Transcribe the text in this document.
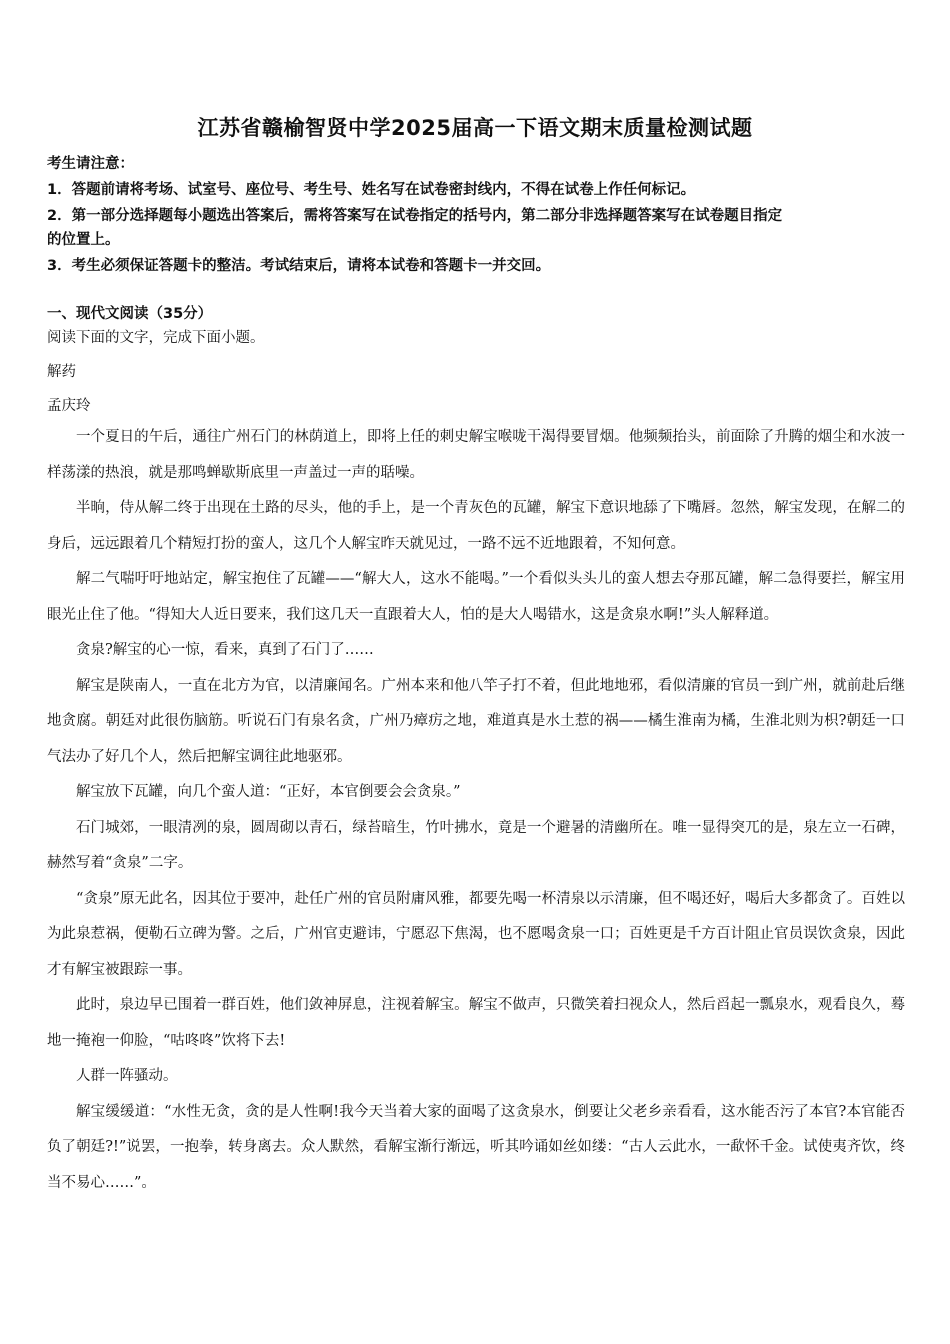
江苏省赣榆智贤中学2025届高一下语文期末质量检测试题
考生请注意：
1．答题前请将考场、试室号、座位号、考生号、姓名写在试卷密封线内，不得在试卷上作任何标记。
2．第一部分选择题每小题选出答案后，需将答案写在试卷指定的括号内，第二部分非选择题答案写在试卷题目指定
的位置上。
3．考生必须保证答题卡的整洁。考试结束后，请将本试卷和答题卡一并交回。
一、现代文阅读（35分）
阅读下面的文字，完成下面小题。
解药
孟庆玲

一个夏日的午后，通往广州石门的林荫道上，即将上任的刺史解宝喉咙干渴得要冒烟。他频频抬头，前面除了升腾的烟尘和水波一样荡漾的热浪，就是那鸣蝉歇斯底里一声盖过一声的聒噪。

半晌，侍从解二终于出现在土路的尽头，他的手上，是一个青灰色的瓦罐，解宝下意识地舔了下嘴唇。忽然，解宝发现，在解二的身后，远远跟着几个精短打扮的蛮人，这几个人解宝昨天就见过，一路不远不近地跟着，不知何意。

解二气喘吁吁地站定，解宝抱住了瓦罐——“解大人，这水不能喝。”一个看似头头儿的蛮人想去夺那瓦罐，解二急得要拦，解宝用眼光止住了他。“得知大人近日要来，我们这几天一直跟着大人，怕的是大人喝错水，这是贪泉水啊!”头人解释道。

贪泉?解宝的心一惊，看来，真到了石门了……

解宝是陕南人，一直在北方为官，以清廉闻名。广州本来和他八竿子打不着，但此地地邪，看似清廉的官员一到广州，就前赴后继地贪腐。朝廷对此很伤脑筋。听说石门有泉名贪，广州乃瘴疠之地，难道真是水土惹的祸——橘生淮南为橘，生淮北则为枳?朝廷一口气法办了好几个人，然后把解宝调往此地驱邪。

解宝放下瓦罐，向几个蛮人道：“正好，本官倒要会会贪泉。”

石门城郊，一眼清冽的泉，圆周砌以青石，绿苔暗生，竹叶拂水，竟是一个避暑的清幽所在。唯一显得突兀的是，泉左立一石碑，赫然写着“贪泉”二字。

“贪泉”原无此名，因其位于要冲，赴任广州的官员附庸风雅，都要先喝一杯清泉以示清廉，但不喝还好，喝后大多都贪了。百姓以为此泉惹祸，便勒石立碑为警。之后，广州官吏避讳，宁愿忍下焦渴，也不愿喝贪泉一口；百姓更是千方百计阻止官员误饮贪泉，因此才有解宝被跟踪一事。

此时，泉边早已围着一群百姓，他们敛神屏息，注视着解宝。解宝不做声，只微笑着扫视众人，然后舀起一瓢泉水，观看良久，蓦地一掩袍一仰脸，“咕咚咚”饮将下去!

人群一阵骚动。

解宝缓缓道：“水性无贪，贪的是人性啊!我今天当着大家的面喝了这贪泉水，倒要让父老乡亲看看，这水能否污了本官?本官能否负了朝廷?!”说罢，一抱拳，转身离去。众人默然，看解宝渐行渐远，听其吟诵如丝如缕：“古人云此水，一歃怀千金。试使夷齐饮，终当不易心……”。
